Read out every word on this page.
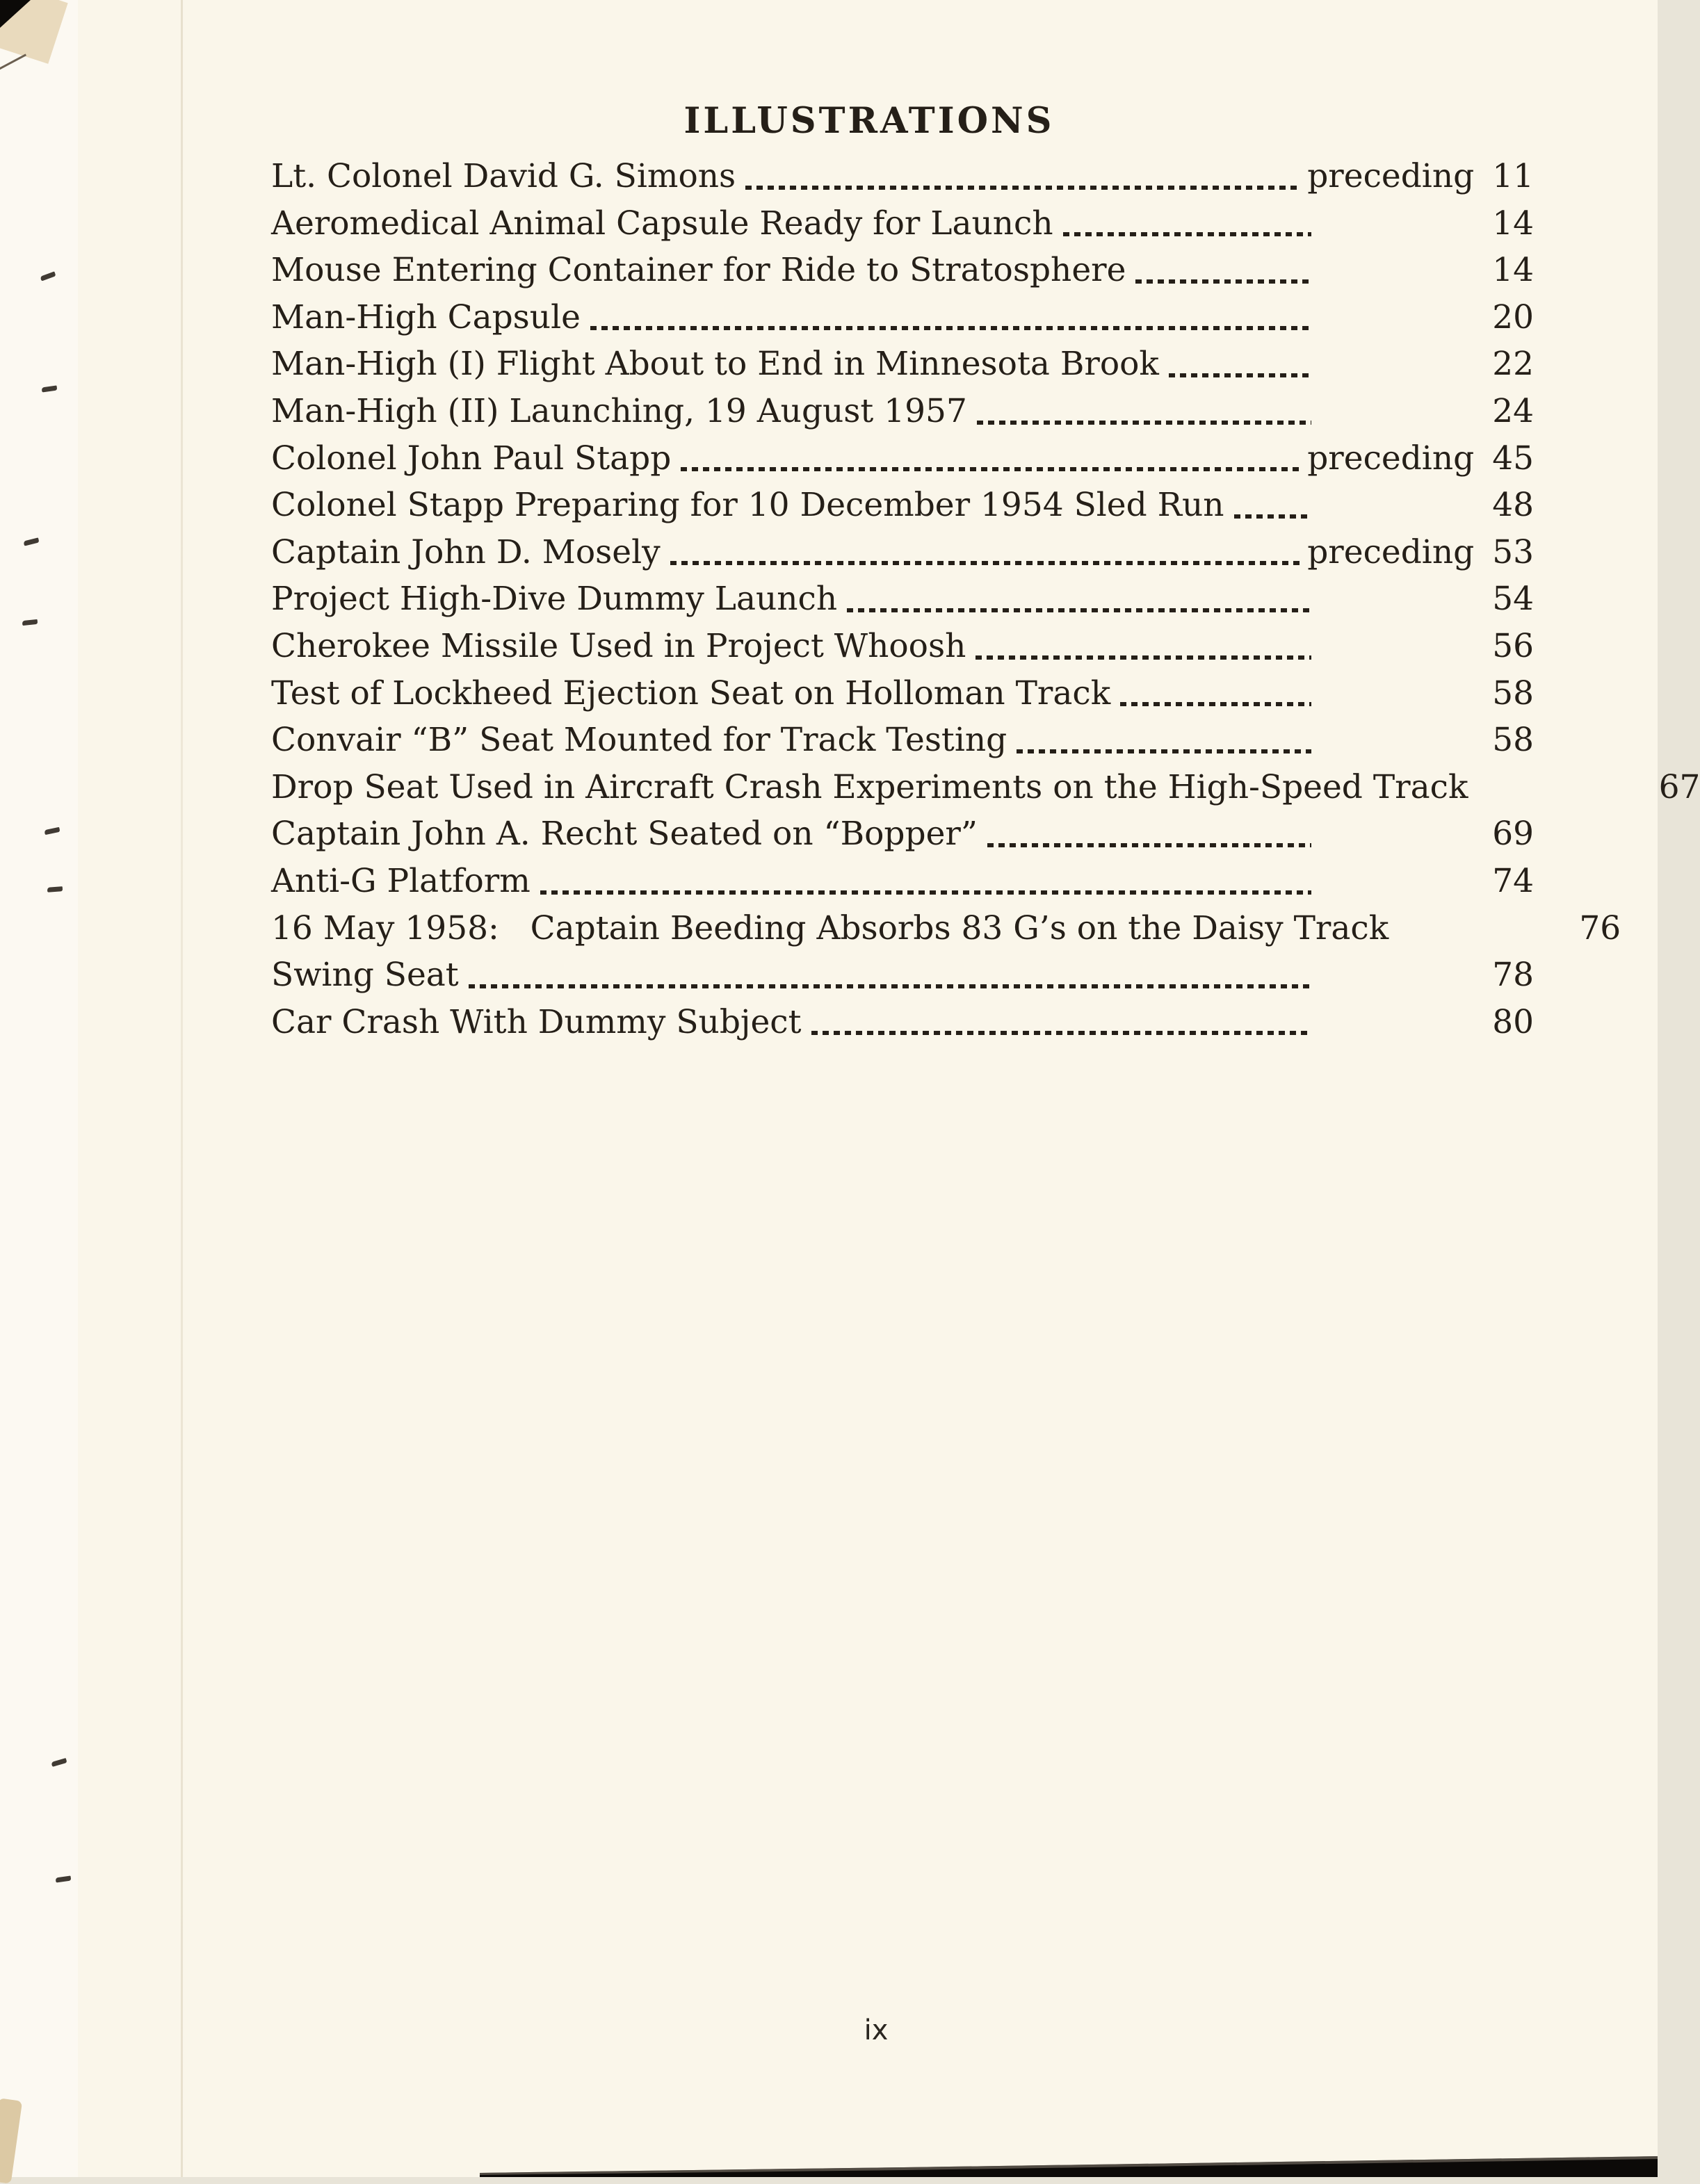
ILLUSTRATIONS
Lt. Colonel David G. Simons	preceding 11
Aeromedical Animal Capsule Ready for Launch	14
Mouse Entering Container for Ride to Stratosphere	14
Man-High Capsule	20
Man-High (I) Flight About to End in Minnesota Brook	22
Man-High (II) Launching, 19 August 1957	24
Colonel John Paul Stapp	preceding 45
Colonel Stapp Preparing for 10 December 1954 Sled Run	48
Captain John D. Mosely	preceding 53
Project High-Dive Dummy Launch	54
Cherokee Missile Used in Project Whoosh	56
Test of Lockheed Ejection Seat on Holloman Track	58
Convair “B” Seat Mounted for Track Testing	58
Drop Seat Used in Aircraft Crash Experiments on the High-Speed Track	67
Captain John A. Recht Seated on “Bopper”	69
Anti-G Platform	74
16 May 1958:   Captain Beeding Absorbs 83 G’s on the Daisy Track	76
Swing Seat	78
Car Crash With Dummy Subject	80
ix
